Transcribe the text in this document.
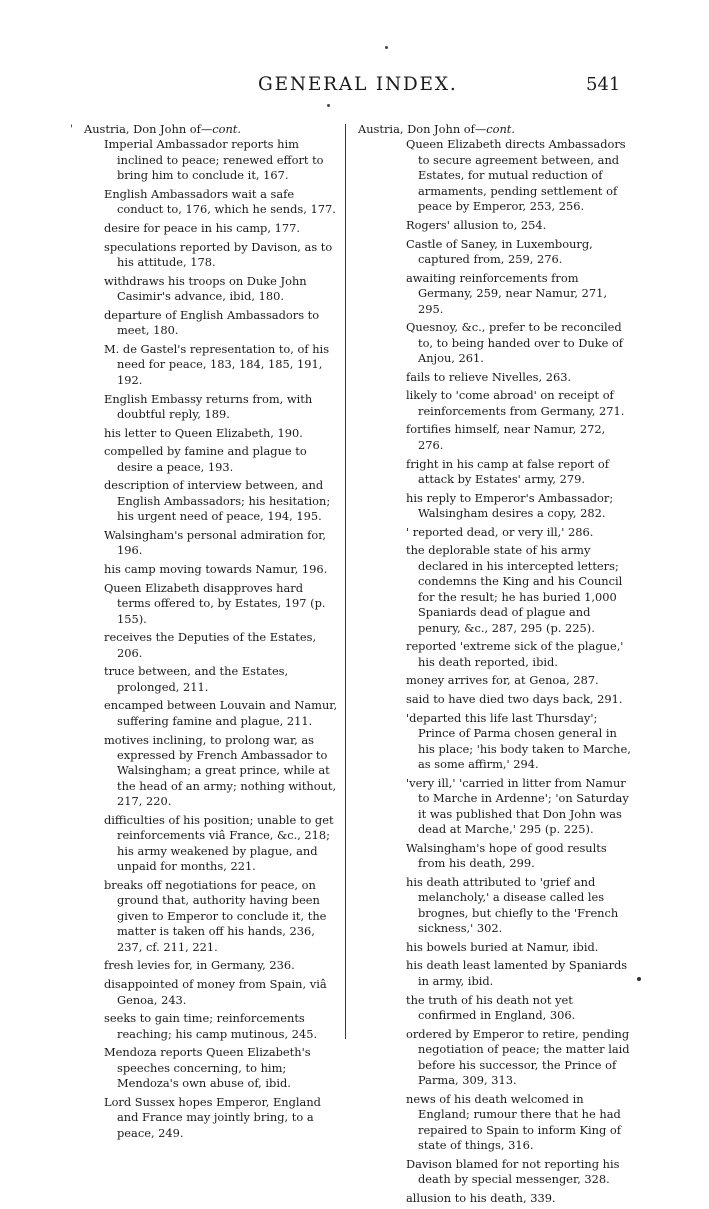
GENERAL INDEX.	541
' Austria, Don John of—cont.
Imperial Ambassador reports him inclined to peace; renewed effort to bring him to conclude it, 167.
English Ambassadors wait a safe conduct to, 176, which he sends, 177.
desire for peace in his camp, 177.
speculations reported by Davison, as to his attitude, 178.
withdraws his troops on Duke John Casimir's advance, ibid, 180.
departure of English Ambassadors to meet, 180.
M. de Gastel's representation to, of his need for peace, 183, 184, 185, 191, 192.
English Embassy returns from, with doubtful reply, 189.
his letter to Queen Elizabeth, 190.
compelled by famine and plague to desire a peace, 193.
description of interview between, and English Ambassadors; his hesitation; his urgent need of peace, 194, 195.
Walsingham's personal admiration for, 196.
his camp moving towards Namur, 196.
Queen Elizabeth disapproves hard terms offered to, by Estates, 197 (p. 155).
receives the Deputies of the Estates, 206.
truce between, and the Estates, prolonged, 211.
encamped between Louvain and Namur, suffering famine and plague, 211.
motives inclining, to prolong war, as expressed by French Ambassador to Walsingham; a great prince, while at the head of an army; nothing without, 217, 220.
difficulties of his position; unable to get reinforcements viâ France, &c., 218; his army weakened by plague, and unpaid for months, 221.
breaks off negotiations for peace, on ground that, authority having been given to Emperor to conclude it, the matter is taken off his hands, 236, 237, cf. 211, 221.
fresh levies for, in Germany, 236.
disappointed of money from Spain, viâ Genoa, 243.
seeks to gain time; reinforcements reaching; his camp mutinous, 245.
Mendoza reports Queen Elizabeth's speeches concerning, to him; Mendoza's own abuse of, ibid.
Lord Sussex hopes Emperor, England and France may jointly bring, to a peace, 249.
Austria, Don John of—cont.
Queen Elizabeth directs Ambassadors to secure agreement between, and Estates, for mutual reduction of armaments, pending settlement of peace by Emperor, 253, 256.
Rogers' allusion to, 254.
Castle of Saney, in Luxembourg, captured from, 259, 276.
awaiting reinforcements from Germany, 259, near Namur, 271, 295.
Quesnoy, &c., prefer to be reconciled to, to being handed over to Duke of Anjou, 261.
fails to relieve Nivelles, 263.
likely to 'come abroad' on receipt of reinforcements from Germany, 271.
fortifies himself, near Namur, 272, 276.
fright in his camp at false report of attack by Estates' army, 279.
his reply to Emperor's Ambassador; Walsingham desires a copy, 282.
' reported dead, or very ill,' 286.
the deplorable state of his army declared in his intercepted letters; condemns the King and his Council for the result; he has buried 1,000 Spaniards dead of plague and penury, &c., 287, 295 (p. 225).
reported 'extreme sick of the plague,' his death reported, ibid.
money arrives for, at Genoa, 287.
said to have died two days back, 291.
'departed this life last Thursday'; Prince of Parma chosen general in his place; 'his body taken to Marche, as some affirm,' 294.
'very ill,' 'carried in litter from Namur to Marche in Ardenne'; 'on Saturday it was published that Don John was dead at Marche,' 295 (p. 225).
Walsingham's hope of good results from his death, 299.
his death attributed to 'grief and melancholy,' a disease called les brognes, but chiefly to the 'French sickness,' 302.
his bowels buried at Namur, ibid.
his death least lamented by Spaniards in army, ibid.
the truth of his death not yet confirmed in England, 306.
ordered by Emperor to retire, pending negotiation of peace; the matter laid before his successor, the Prince of Parma, 309, 313.
news of his death welcomed in England; rumour there that he had repaired to Spain to inform King of state of things, 316.
Davison blamed for not reporting his death by special messenger, 328.
allusion to his death, 339.
